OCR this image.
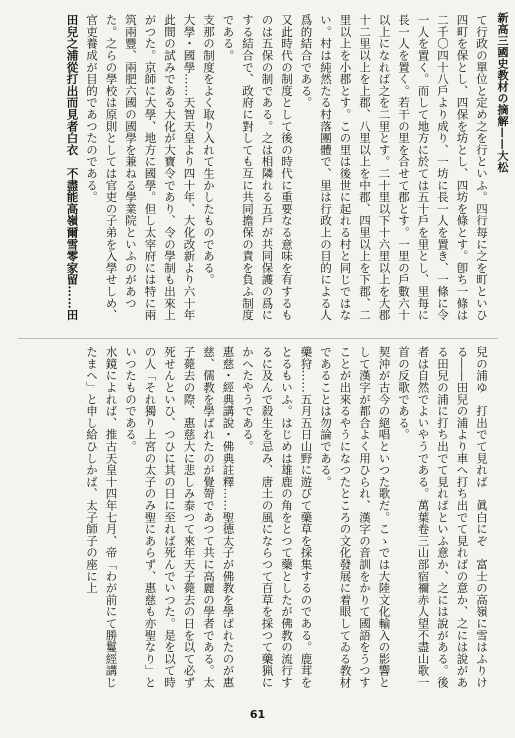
新高三國史教材の摘解——大松

て行政の單位と定め之を行といふ。四行每に之を町といひ四町を保とし、四保を坊とし、四坊を條とす。卽ち一條は二千〇四十八戶より成り、一坊に長一人を置き、一條に令一人を置く。而して地方に於ては五十戶を里とし、里每に長一人を置く。若干の里を合せて郡とす。一里の戶數六十以上になれば之を二里とす。二十里以下十六里以上を大郡十二里以上を上郡、八里以上を中郡、四里以上を下郡、二里以上を小郡とす。この里は後世に起れる村と同じではない。村は純然たる村落團體で、里は行政上の目的による人爲的結合である。

又此時代の制度として後の時代に重要なる意味を有するものは五保の制である。之は相隣れる五戶が共同保護の爲にする結合で、政府に對しても互に共同擔保の責を負ふ制度である。

支那の制度をよく取り入れて生かしたものである。

大學・國學……天智天皇より四十年、大化改新より六十年此間の試みである大化が大寶令であり、令の學制も出來上がつた。京師に大學、地方に國學。但し太宰府には特に兩筑兩豐、兩肥六國の國學を兼ねる學業院といふのがあつた。之らの學校は原則としては官吏の子弟を入學せしめ、官吏養成が目的であつたのである。

田兒之浦從打出而見者白衣　不盡能高嶺爾雪零家留……田

兒の浦ゆ　打出でて見れば　眞白にぞ　富士の高嶺に雪はふりける――田兒の浦より車へ打ち出でて見ればの意か、之には說がある田兒の浦に打ち出でて見ればといふ意か、之には說がある。後者は自然でよいやうである。萬葉卷三山部宿禰赤人望不盡山歌一首の反歌である。

契沖が古今の絕唱といつた歌だ。こゝでは大陸文化輸入の影響として漢字が都合よく用ひられ、漢字の音訓をかりて國語をうつすことが出來るやうになつたところの文化發展に着眼してゐる教材であることは勿論である。

藥狩……五月五日山野に遊びて藥草を採集するのである。鹿茸をとるもいふ。はじめは雄鹿の角をとつて藥としたが佛教の流行するに及んで殺生を忌み、唐土の風にならつて百草を採つて藥猟にかへたやうである。

惠慈・經典講說・佛典註釋……聖德太子が佛教を學ばれたのが惠慈、儒教を學ばれたのが覺哿であつて共に高麗の學者である。太子薨去の際、惠慈大に悲しみ泰つて來年天子薨去の日を以て必ず死せんといひ、つひに其の日に至れば死んでいつた。是を以て時の人「それ獨り上宮の太子のみ聖にあらず、惠慈も亦聖なり」といつたものである。

水鏡によれば、推古天皇十四年七月、帝「わが前にて勝鬘經講じたまへ」と申し給ひしかば、太子師子の座に上

61
